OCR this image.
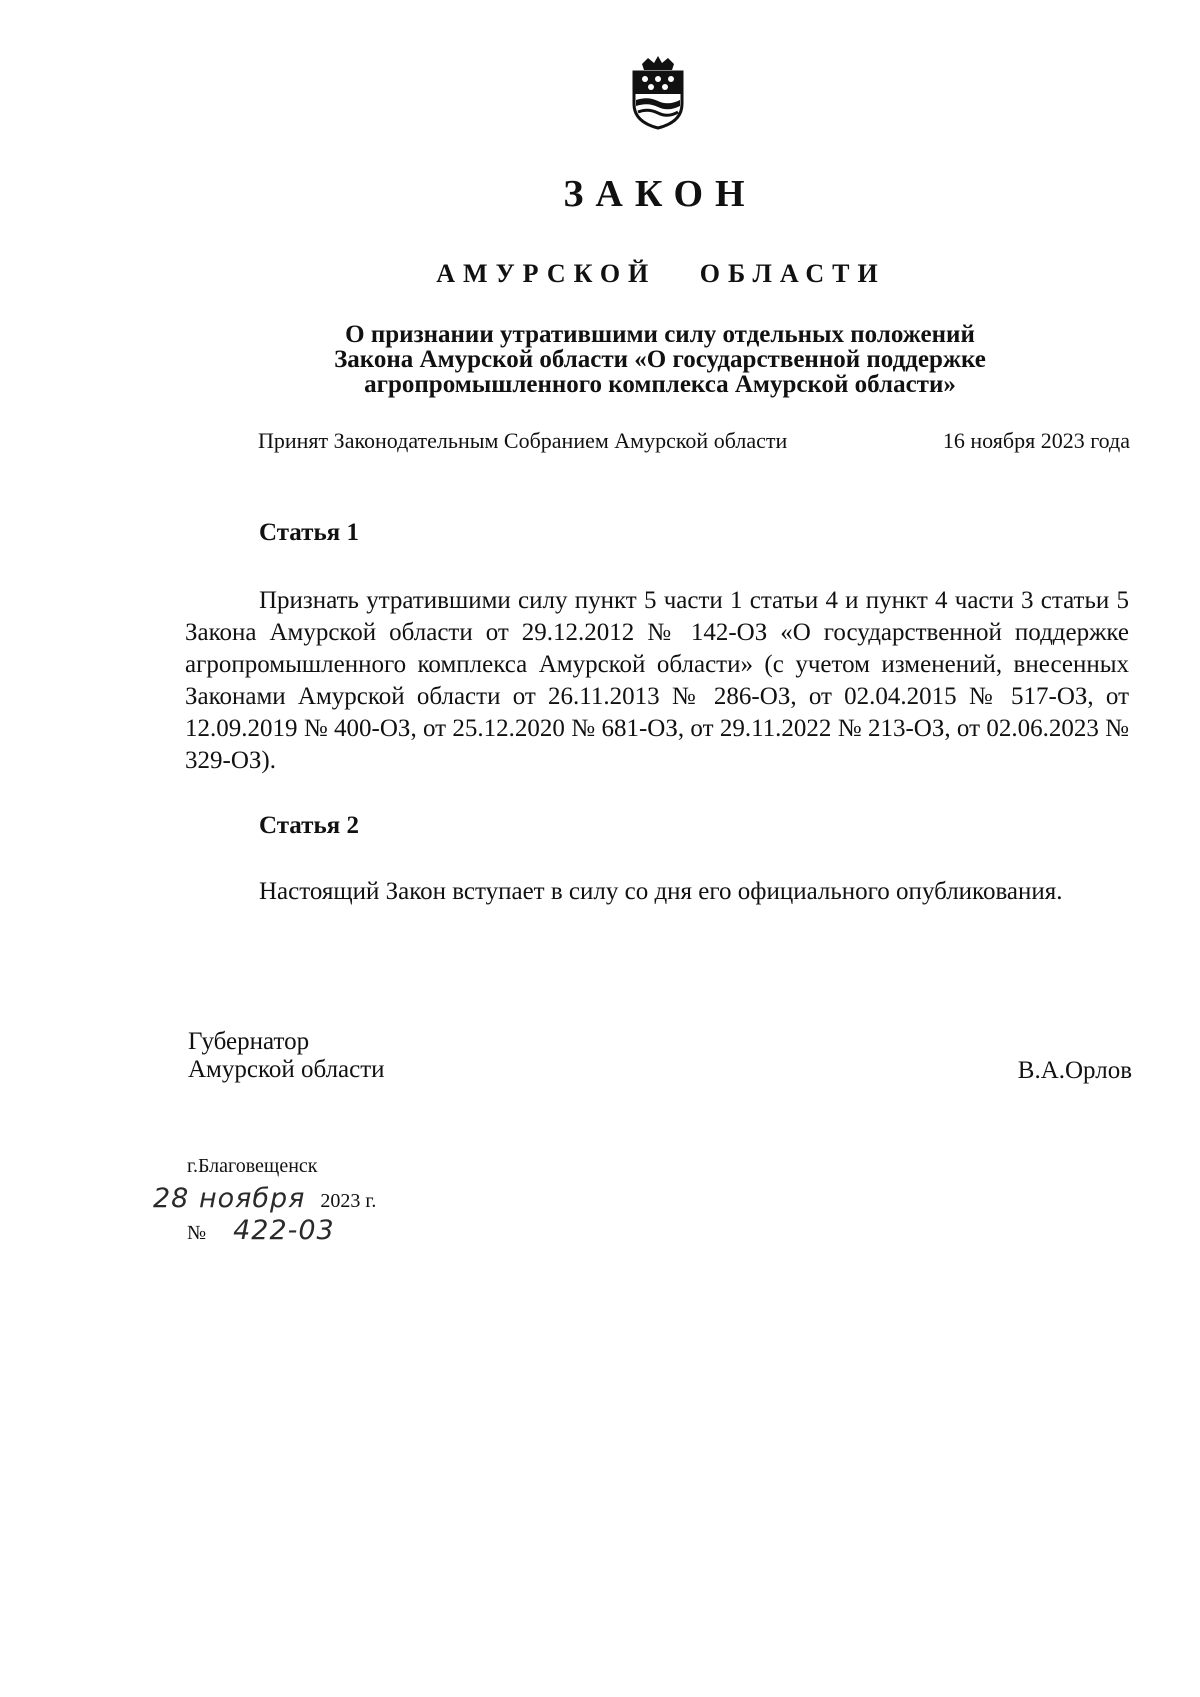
ЗАКОН
АМУРСКОЙ   ОБЛАСТИ
О признании утратившими силу отдельных положений
Закона Амурской области «О государственной поддержке
агропромышленного комплекса Амурской области»
Принят Законодательным Собранием Амурской области	16 ноября 2023 года
Статья 1

Признать утратившими силу пункт 5 части 1 статьи 4 и пункт 4 части 3 статьи 5 Закона Амурской области от 29.12.2012 № 142-ОЗ «О государственной поддержке агропромышленного комплекса Амурской области» (с учетом изменений, внесенных Законами Амурской области от 26.11.2013 № 286-ОЗ, от 02.04.2015 № 517-ОЗ, от 12.09.2019 № 400-ОЗ, от 25.12.2020 № 681-ОЗ, от 29.11.2022 № 213-ОЗ, от 02.06.2023 № 329-ОЗ).

Статья 2

Настоящий Закон вступает в силу со дня его официального опубликования.

Губернатор
Амурской области	В.А.Орлов
г.Благовещенск
28 ноября 2023 г.
№ 422-03
